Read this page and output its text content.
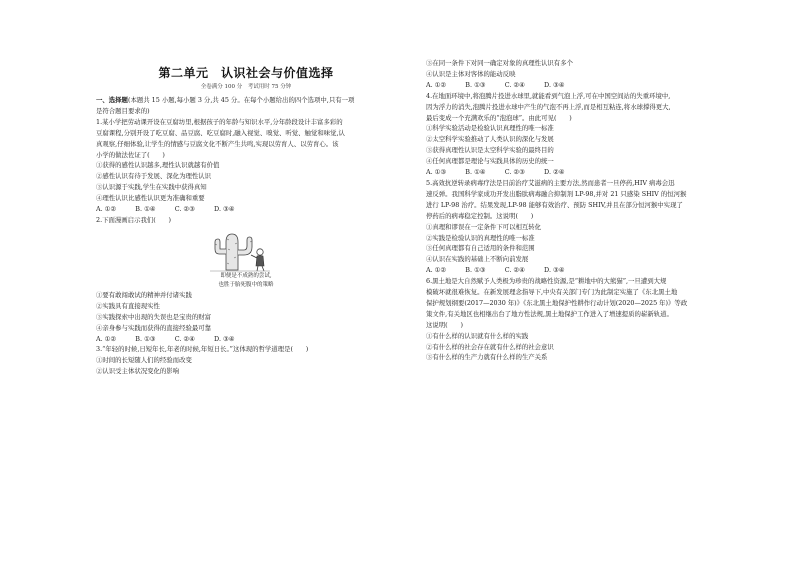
第二单元　认识社会与价值选择
全卷满分 100 分　考试用时 75 分钟
一、选择题(本题共 15 小题,每小题 3 分,共 45 分。在每个小题给出的四个选项中,只有一项
是符合题目要求的)
1.某小学把劳动课开设在豆腐坊里,根据孩子的年龄与知识水平,分年龄段设计丰富多彩的
豆腐课程,分别开设了吃豆腐、品豆腐、吃豆腐时,融入视觉、嗅觉、听觉、触觉和味觉,认
真观察,仔细体验,让学生的情感与豆腐文化不断产生共鸣,实现以劳育人、以劳育心。该
小学的做法佐证了(　　)
①获得的感性认识越多,理性认识就越有价值
②感性认识有待于发展、深化为理性认识
③认识源于实践,学生在实践中获得真知
④理性认识比感性认识更为准确和重要
A. ①②　　　B. ①④　　　C. ②③　　　D. ③④
2.下面漫画启示我们(　　)
即便是不成熟的尝试,
也胜于胎死腹中的策略
①要有敢闯敢试的精神并付诸实践
②实践具有直接现实性
③实践探索中出现的失误也是宝贵的财富
④亲身参与实践而获得的直接经验最可靠
A. ①②　　　B. ①③　　　C. ②④　　　D. ③④
3.“年轻的时候,日短年长,年老的时候,年短日长。”这体现的哲学道理是(　　)
①时间的长短随人们的经验而改变
②认识受主体状况变化的影响
③在同一条件下对同一确定对象的真理性认识有多个
④认识是主体对客体的能动反映
A. ①②　　　B. ①③　　　C. ②④　　　D. ③④
4.在地面环境中,将泡腾片投进水球里,就能看到气泡上浮,可在中国空间站的失重环境中,
因为浮力的消失,泡腾片投进水球中产生的气泡不再上浮,而是相互粘连,将水球撑得更大,
最后变成一个充满欢乐的“泡泡球”。由此可见(　　)
①科学实验活动是检验认识真理性的唯一标准
②太空科学实验推动了人类认识的深化与发展
③获得真理性认识是太空科学实验的最终目的
④任何真理都是理论与实践具体的历史的统一
A. ①③　　　B. ①④　　　C. ②③　　　D. ②④
5.高效抗逆转录病毒疗法是目前治疗艾滋病的主要方法,然而患者一旦停药,HIV 病毒会迅
速反弹。我国科学家成功开发出脂肽病毒融合抑制剂 LP-98,并对 21 只感染 SHIV 的恒河猴
进行 LP-98 治疗。结果发现,LP-98 能够有效治疗、预防 SHIV,并且在部分恒河猴中实现了
停药后的病毒稳定控制。这说明(　　)
①真理和谬误在一定条件下可以相互转化
②实践是检验认识的真理性的唯一标准
③任何真理都有自己适用的条件和范围
④认识在实践的基础上不断向前发展
A. ①②　　　B. ①③　　　C. ②④　　　D. ③④
6.黑土地是大自然赋予人类极为珍贵的战略性资源,是“耕地中的大熊猫”,一旦遭到大规
模破坏就很难恢复。在新发展理念指导下,中央有关部门专门为此制定实施了《东北黑土地
保护规划纲要(2017—2030 年)》《东北黑土地保护性耕作行动计划(2020—2025 年)》等政
策文件,有关地区也相继出台了地方性法规,黑土地保护工作进入了增速提质的崭新轨道。
这说明(　　)
①有什么样的认识就有什么样的实践
②有什么样的社会存在就有什么样的社会意识
③有什么样的生产力就有什么样的生产关系
